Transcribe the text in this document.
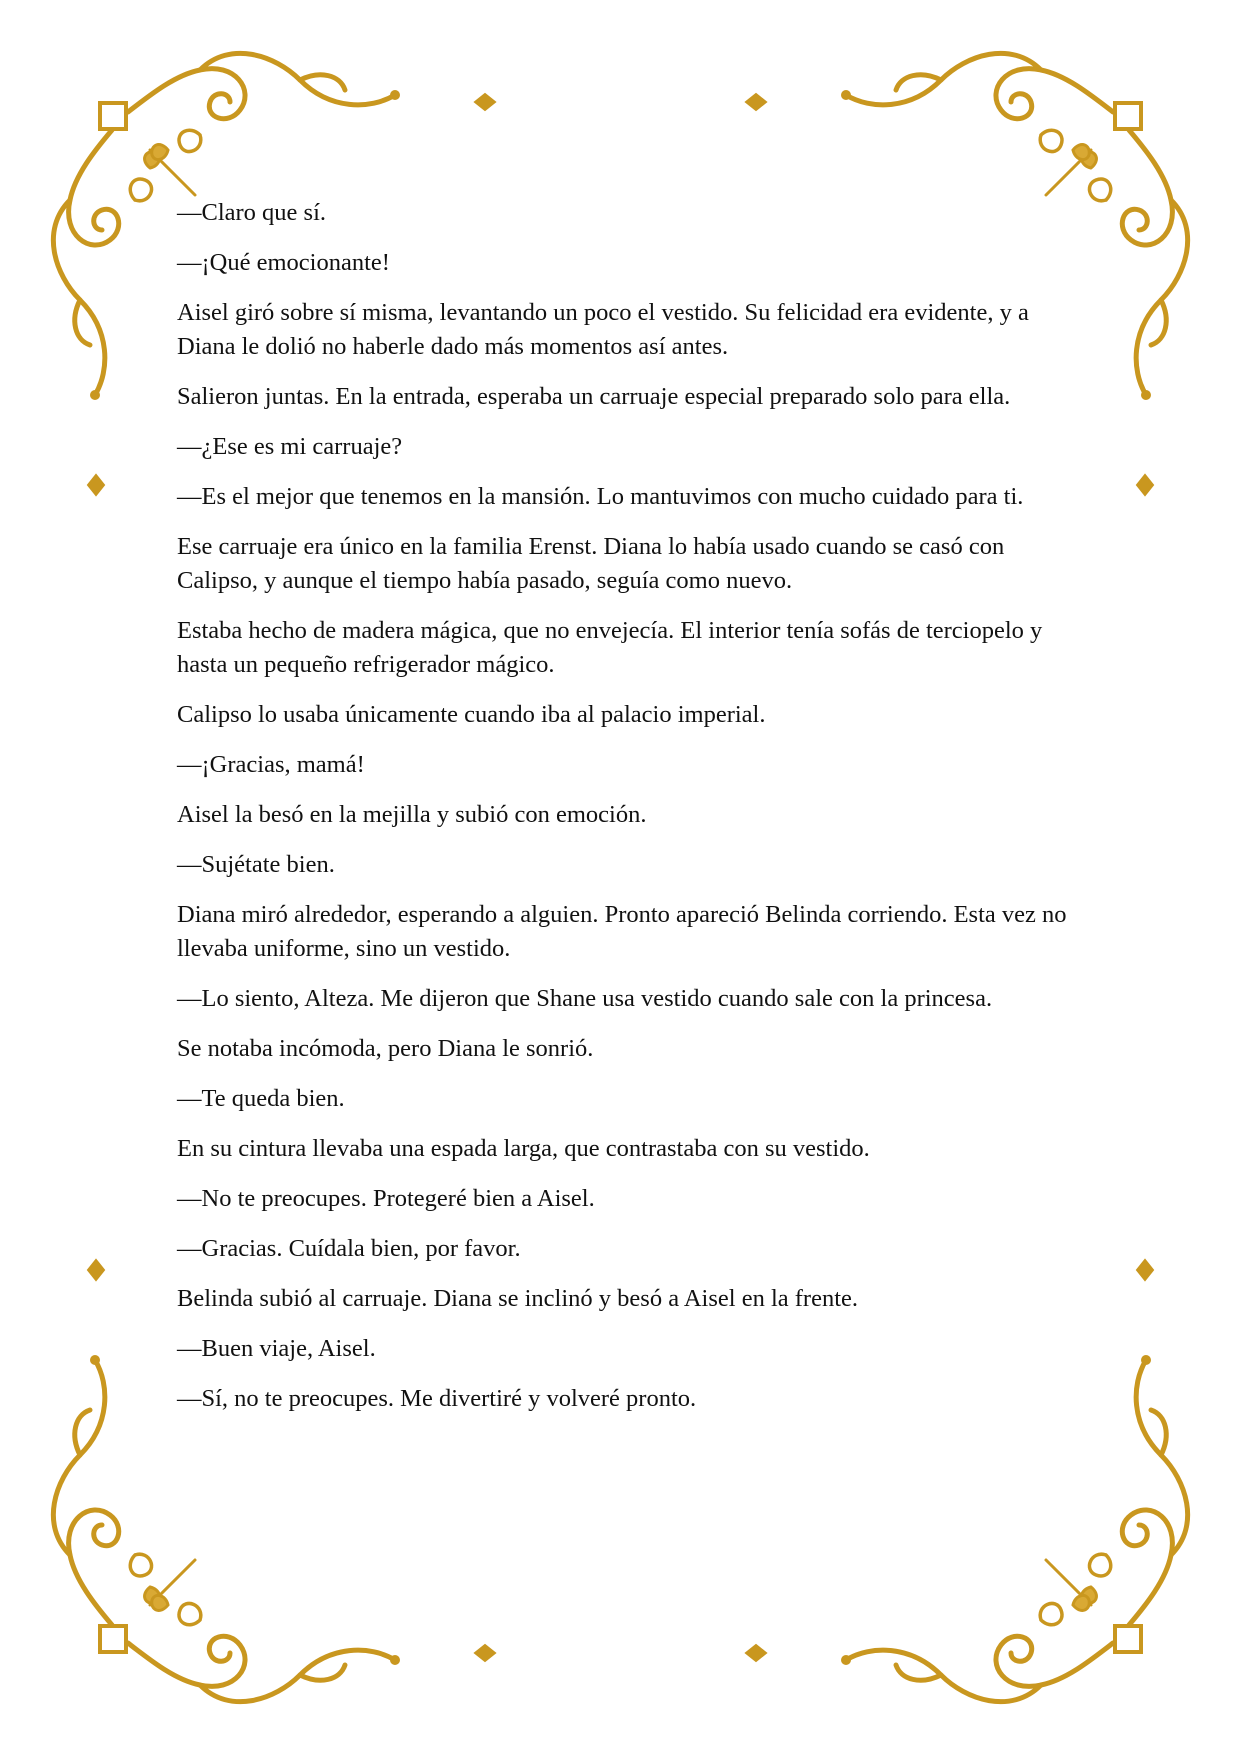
—Claro que sí.

—¡Qué emocionante!

Aisel giró sobre sí misma, levantando un poco el vestido. Su felicidad era evidente, y a Diana le dolió no haberle dado más momentos así antes.

Salieron juntas. En la entrada, esperaba un carruaje especial preparado solo para ella.

—¿Ese es mi carruaje?

—Es el mejor que tenemos en la mansión. Lo mantuvimos con mucho cuidado para ti.

Ese carruaje era único en la familia Erenst. Diana lo había usado cuando se casó con Calipso, y aunque el tiempo había pasado, seguía como nuevo.

Estaba hecho de madera mágica, que no envejecía. El interior tenía sofás de terciopelo y hasta un pequeño refrigerador mágico.

Calipso lo usaba únicamente cuando iba al palacio imperial.

—¡Gracias, mamá!

Aisel la besó en la mejilla y subió con emoción.

—Sujétate bien.

Diana miró alrededor, esperando a alguien. Pronto apareció Belinda corriendo. Esta vez no llevaba uniforme, sino un vestido.

—Lo siento, Alteza. Me dijeron que Shane usa vestido cuando sale con la princesa.

Se notaba incómoda, pero Diana le sonrió.

—Te queda bien.

En su cintura llevaba una espada larga, que contrastaba con su vestido.

—No te preocupes. Protegeré bien a Aisel.

—Gracias. Cuídala bien, por favor.

Belinda subió al carruaje. Diana se inclinó y besó a Aisel en la frente.

—Buen viaje, Aisel.

—Sí, no te preocupes. Me divertiré y volveré pronto.
